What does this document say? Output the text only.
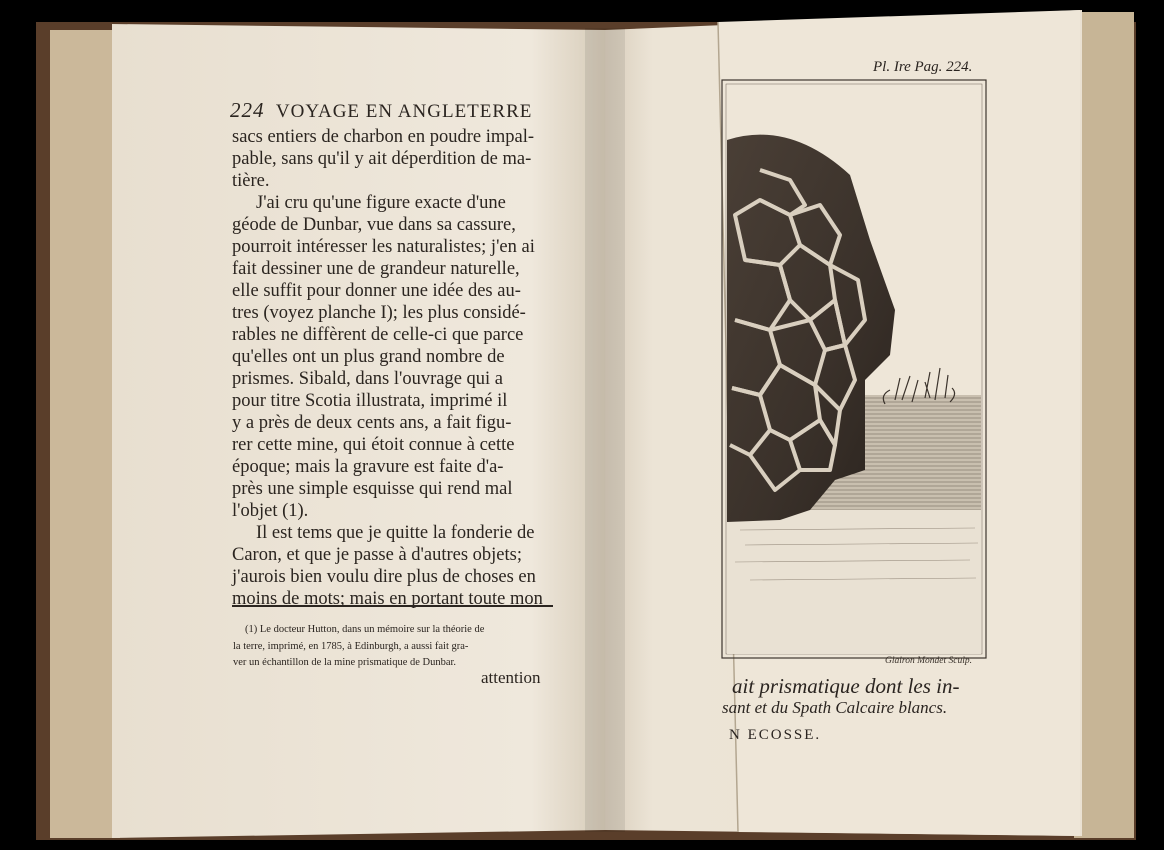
224 VOYAGE EN ANGLETERRE
sacs entiers de charbon en poudre impal-
pable, sans qu'il y ait déperdition de ma-
tière.
J'ai cru qu'une figure exacte d'une
géode de Dunbar, vue dans sa cassure,
pourroit intéresser les naturalistes; j'en ai
fait dessiner une de grandeur naturelle,
elle suffit pour donner une idée des au-
tres (voyez planche I); les plus considé-
rables ne diffèrent de celle-ci que parce
qu'elles ont un plus grand nombre de
prismes. Sibald, dans l'ouvrage qui a
pour titre Scotia illustrata, imprimé il
y a près de deux cents ans, a fait figu-
rer cette mine, qui étoit connue à cette
époque; mais la gravure est faite d'a-
près une simple esquisse qui rend mal
l'objet (1).
Il est tems que je quitte la fonderie de
Caron, et que je passe à d'autres objets;
j'aurois bien voulu dire plus de choses en
moins de mots; mais en portant toute mon
(1) Le docteur Hutton, dans un mémoire sur la théorie de
la terre, imprimé, en 1785, à Edinburgh, a aussi fait gra-
ver un échantillon de la mine prismatique de Dunbar.
attention
Pl. Ire Pag. 224.
Glairon Mondet Sculp.
ait prismatique dont les in-
sant et du Spath Calcaire blancs.
N ECOSSE.
